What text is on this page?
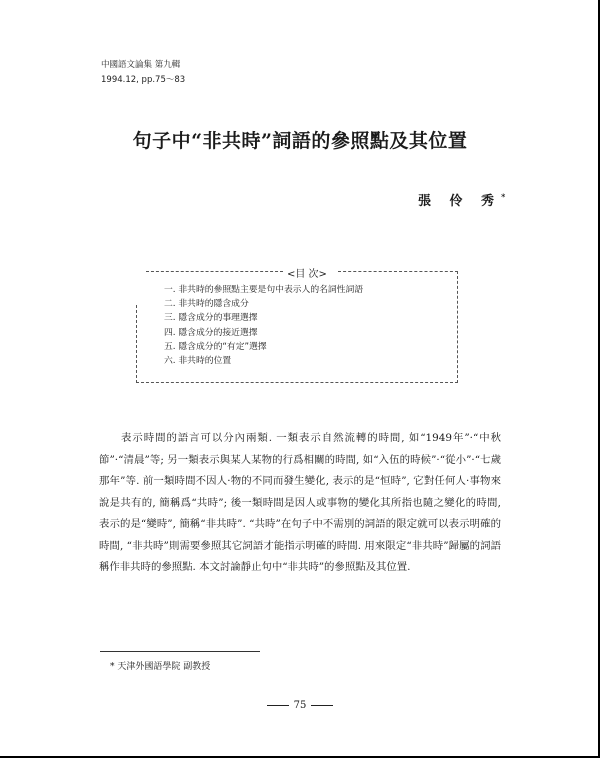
中國語文論集 第九輯
1994.12, pp.75～83
句子中“非共時”詞語的參照點及其位置
張 伶 秀*
<目 次>
一. 非共時的參照點主要是句中表示人的名詞性詞語
二. 非共時的隱含成分
三. 隱含成分的事理選擇
四. 隱含成分的接近選擇
五. 隱含成分的“有定”選擇
六. 非共時的位置

表示時間的語言可以分內兩類. 一類表示自然流轉的時間, 如“1949年”·“中秋節”·“清晨”等; 另一類表示與某人某物的行爲相關的時間, 如“入伍的時候”·“從小”·“七歲那年”等. 前一類時間不因人·物的不同而發生變化, 表示的是“恒時”, 它對任何人·事物來說是共有的, 簡稱爲“共時”; 後一類時間是因人或事物的變化其所指也隨之變化的時間, 表示的是“變時”, 簡稱“非共時”. “共時”在句子中不需別的詞語的限定就可以表示明確的時間, “非共時”則需要參照其它詞語才能指示明確的時間. 用來限定“非共時”歸屬的詞語稱作非共時的參照點. 本文討論靜止句中“非共時”的參照點及其位置.

* 天津外國語學院 副教授
75
